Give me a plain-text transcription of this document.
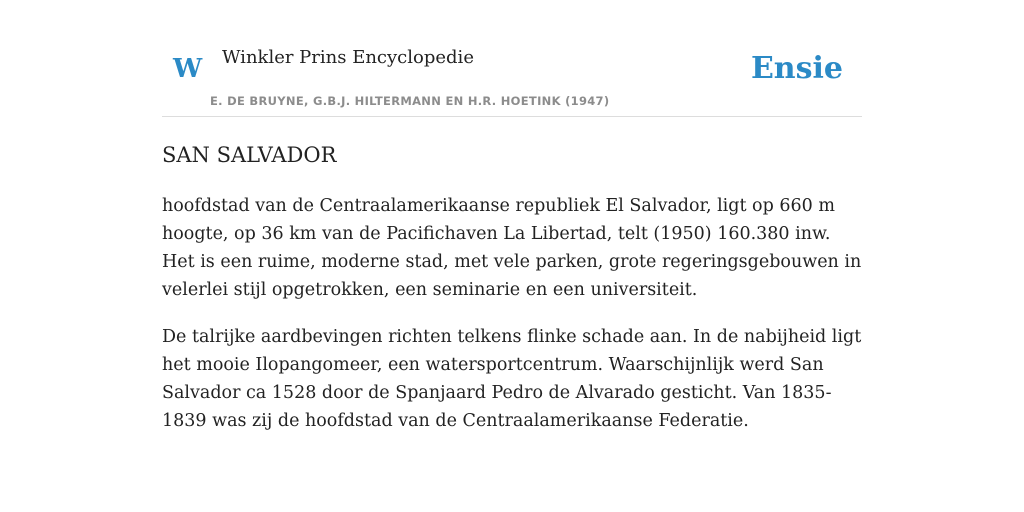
W Winkler Prins Encyclopedie
E. DE BRUYNE, G.B.J. HILTERMANN EN H.R. HOETINK (1947)
Ensie
SAN SALVADOR

hoofdstad van de Centraalamerikaanse republiek El Salvador, ligt op 660 m hoogte, op 36 km van de Pacifichaven La Libertad, telt (1950) 160.380 inw. Het is een ruime, moderne stad, met vele parken, grote regeringsgebouwen in velerlei stijl opgetrokken, een seminarie en een universiteit.

De talrijke aardbevingen richten telkens flinke schade aan. In de nabijheid ligt het mooie Ilopangomeer, een watersportcentrum. Waarschijnlijk werd San Salvador ca 1528 door de Spanjaard Pedro de Alvarado gesticht. Van 1835-1839 was zij de hoofdstad van de Centraalamerikaanse Federatie.
